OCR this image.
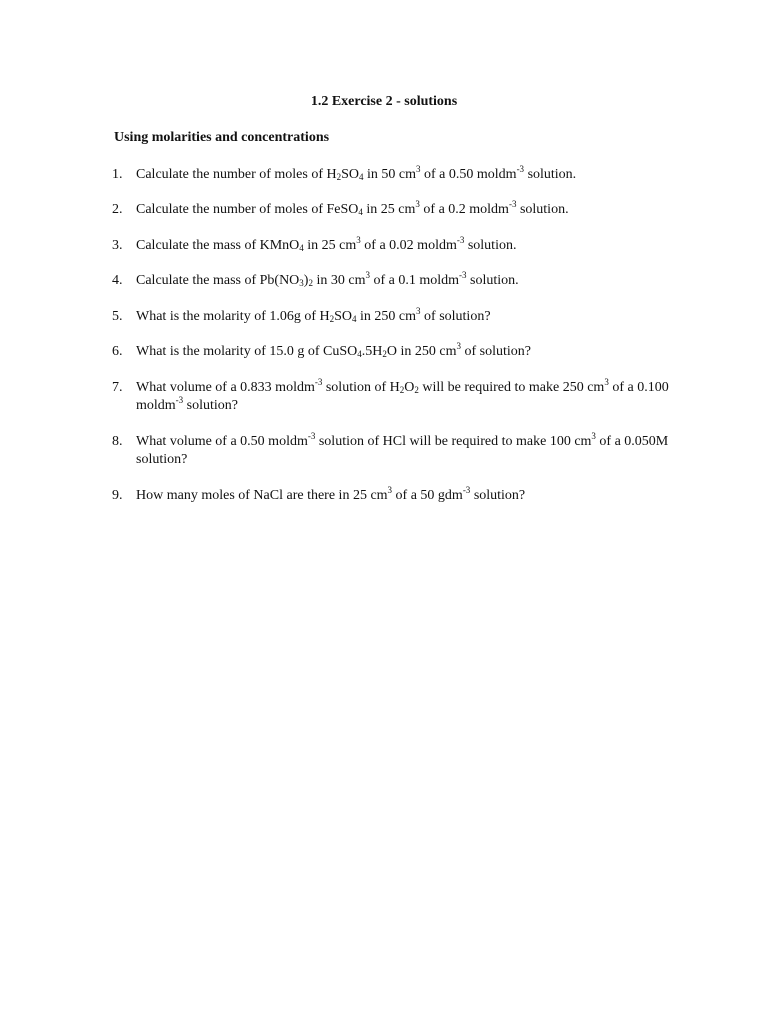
1.2 Exercise 2 - solutions
Using molarities and concentrations
1. Calculate the number of moles of $H_2SO_4$ in 50 $cm^3$ of a 0.50 moldm$^{-3}$ solution.
2. Calculate the number of moles of FeSO$_4$ in 25 $cm^3$ of a 0.2 moldm$^{-3}$ solution.
3. Calculate the mass of KMnO$_4$ in 25 $cm^3$ of a 0.02 moldm$^{-3}$ solution.
4. Calculate the mass of $Pb(NO_3)_2$ in 30 $cm^3$ of a 0.1 moldm$^{-3}$ solution.
5. What is the molarity of 1.06g of $H_2SO_4$ in 250 $cm^3$ of solution?
6. What is the molarity of 15.0 g of $CuSO_4.5H_2O$ in 250 $cm^3$ of solution?
7. What volume of a 0.833 moldm$^{-3}$ solution of $H_2O_2$ will be required to make 250 $cm^3$ of a 0.100 moldm$^{-3}$ solution?
8. What volume of a 0.50 moldm$^{-3}$ solution of HCl will be required to make 100 $cm^3$ of a 0.050M solution?
9. How many moles of NaCl are there in 25 $cm^3$ of a 50 gdm$^{-3}$ solution?
